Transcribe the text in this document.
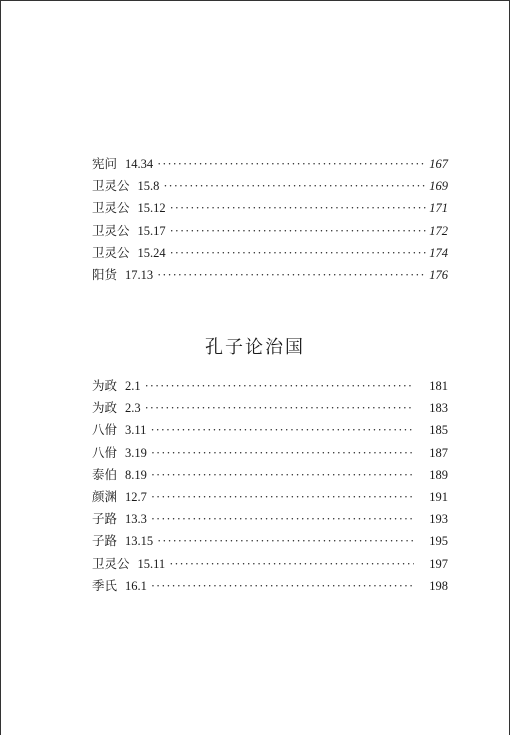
宪问 14.34 ·····	167
卫灵公 15.8 ·····	169
卫灵公 15.12 ·····	171
卫灵公 15.17 ·····	172
卫灵公 15.24 ·····	174
阳货 17.13 ·····	176
孔子论治国
为政 2.1 ·····	181
为政 2.3 ·····	183
八佾 3.11 ·····	185
八佾 3.19 ·····	187
泰伯 8.19 ·····	189
颜渊 12.7 ·····	191
子路 13.3 ·····	193
子路 13.15 ·····	195
卫灵公 15.11 ·····	197
季氏 16.1 ·····	198
